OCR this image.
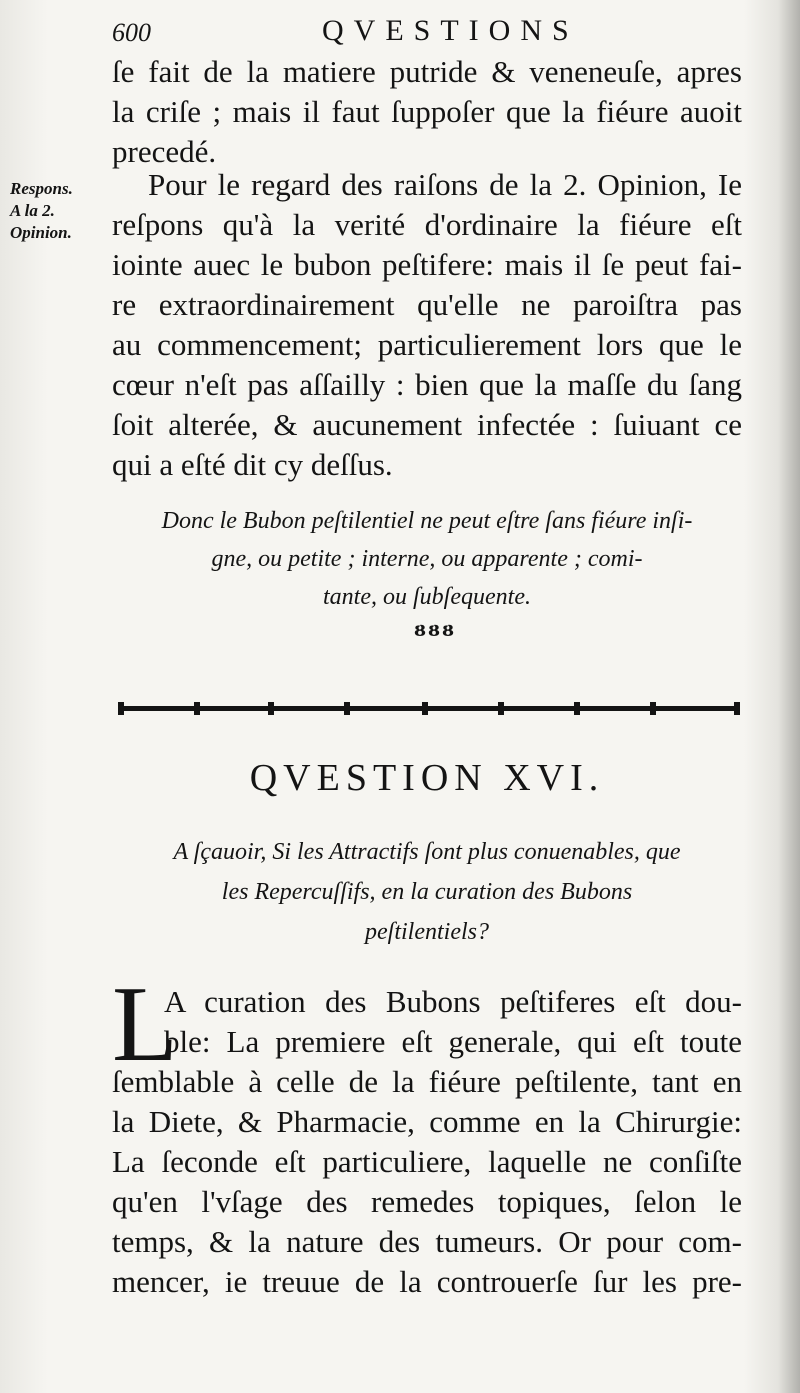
600	QVESTIONS
Respons.
A la 2.
Opinion.
ſe fait de la matiere putride & veneneuſe, apres
la criſe ; mais il faut ſuppoſer que la fiéure auoit
precedé.
Pour le regard des raiſons de la 2. Opinion, Ie
reſpons qu'à la verité d'ordinaire la fiéure eſt
iointe auec le bubon peſtifere: mais il ſe peut fai-
re extraordinairement qu'elle ne paroiſtra pas
au commencement; particulierement lors que le
cœur n'eſt pas aſſailly : bien que la maſſe du ſang
ſoit alterée, & aucunement infectée : ſuiuant ce
qui a eſté dit cy deſſus.
Donc le Bubon peſtilentiel ne peut eſtre ſans fiéure inſi-
gne, ou petite ; interne, ou apparente ; comi-
tante, ou ſubſequente.
ᴕᴕᴕ
QVESTION XVI.
A ſçauoir, Si les Attractifs ſont plus conuenables, que
les Repercuſſifs, en la curation des Bubons
peſtilentiels?
L
A curation des Bubons peſtiferes eſt dou-
ble: La premiere eſt generale, qui eſt toute
ſemblable à celle de la fiéure peſtilente, tant en
la Diete, & Pharmacie, comme en la Chirurgie:
La ſeconde eſt particuliere, laquelle ne conſiſte
qu'en l'vſage des remedes topiques, ſelon le
temps, & la nature des tumeurs. Or pour com-
mencer, ie treuue de la controuerſe ſur les pre-
